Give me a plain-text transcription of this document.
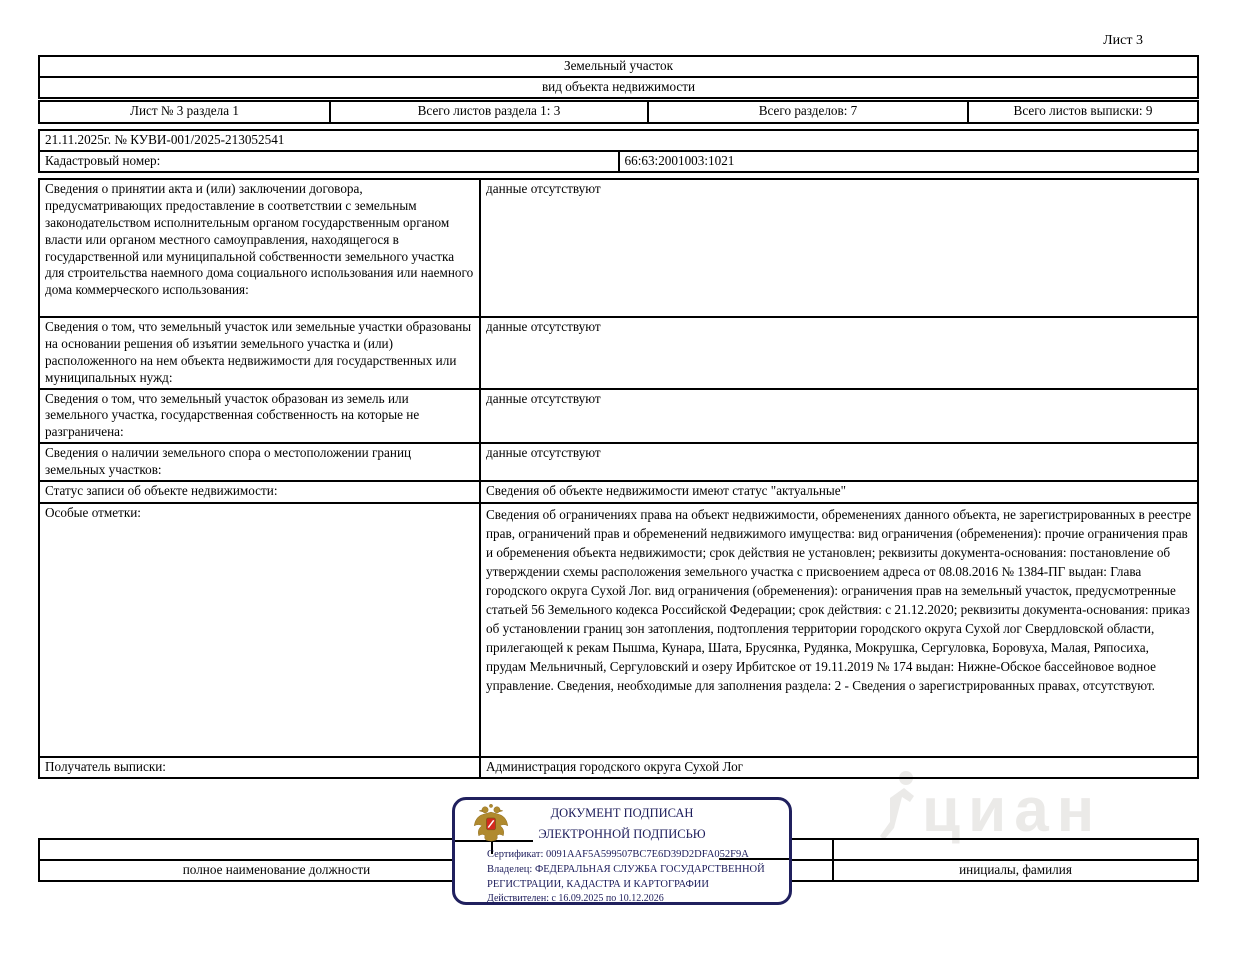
циан
Лист 3
Земельный участок
вид объекта недвижимости
Лист № 3 раздела 1	Всего листов раздела 1: 3	Всего разделов: 7	Всего листов выписки: 9
21.11.2025г. № КУВИ-001/2025-213052541
Кадастровый номер:	66:63:2001003:1021
Сведения о принятии акта и (или) заключении договора, предусматривающих предоставление в соответствии с земельным законодательством исполнительным органом государственным органом власти или органом местного самоуправления, находящегося в государственной или муниципальной собственности земельного участка для строительства наемного дома социального использования или наемного дома коммерческого использования:	данные отсутствуют
Сведения о том, что земельный участок или земельные участки образованы на основании решения об изъятии земельного участка и (или) расположенного на нем объекта недвижимости для государственных или муниципальных нужд:	данные отсутствуют
Сведения о том, что земельный участок образован из земель или земельного участка, государственная собственность на которые не разграничена:	данные отсутствуют
Сведения о наличии земельного спора о местоположении границ земельных участков:	данные отсутствуют
Статус записи об объекте недвижимости:	Сведения об объекте недвижимости имеют статус "актуальные"
Особые отметки:	Сведения об ограничениях права на объект недвижимости, обременениях данного объекта, не зарегистрированных в реестре прав, ограничений прав и обременений недвижимого имущества: вид ограничения (обременения): прочие ограничения прав и обременения объекта недвижимости; срок действия не установлен; реквизиты документа-основания: постановление об утверждении схемы расположения земельного участка с присвоением адреса от 08.08.2016 № 1384-ПГ выдан: Глава городского округа Сухой Лог. вид ограничения (обременения): ограничения прав на земельный участок, предусмотренные статьей 56 Земельного кодекса Российской Федерации; срок действия: с 21.12.2020; реквизиты документа-основания: приказ об установлении границ зон затопления, подтопления территории городского округа Сухой лог Свердловской области, прилегающей к рекам Пышма, Кунара, Шата, Брусянка, Рудянка, Мокрушка, Сергуловка, Боровуха, Малая, Ряпосиха, прудам Мельничный, Сергуловский и озеру Ирбитское от 19.11.2019 № 174 выдан: Нижне-Обское бассейновое водное управление. Сведения, необходимые для заполнения раздела: 2 - Сведения о зарегистрированных правах, отсутствуют.
Получатель выписки:	Администрация городского округа Сухой Лог

полное наименование должности		инициалы, фамилия
ДОКУМЕНТ ПОДПИСАН
ЭЛЕКТРОННОЙ ПОДПИСЬЮ
Сертификат: 0091AAF5A599507BC7E6D39D2DFA052F9A
Владелец: ФЕДЕРАЛЬНАЯ СЛУЖБА ГОСУДАРСТВЕННОЙ
РЕГИСТРАЦИИ, КАДАСТРА И КАРТОГРАФИИ
Действителен: с 16.09.2025 по 10.12.2026
